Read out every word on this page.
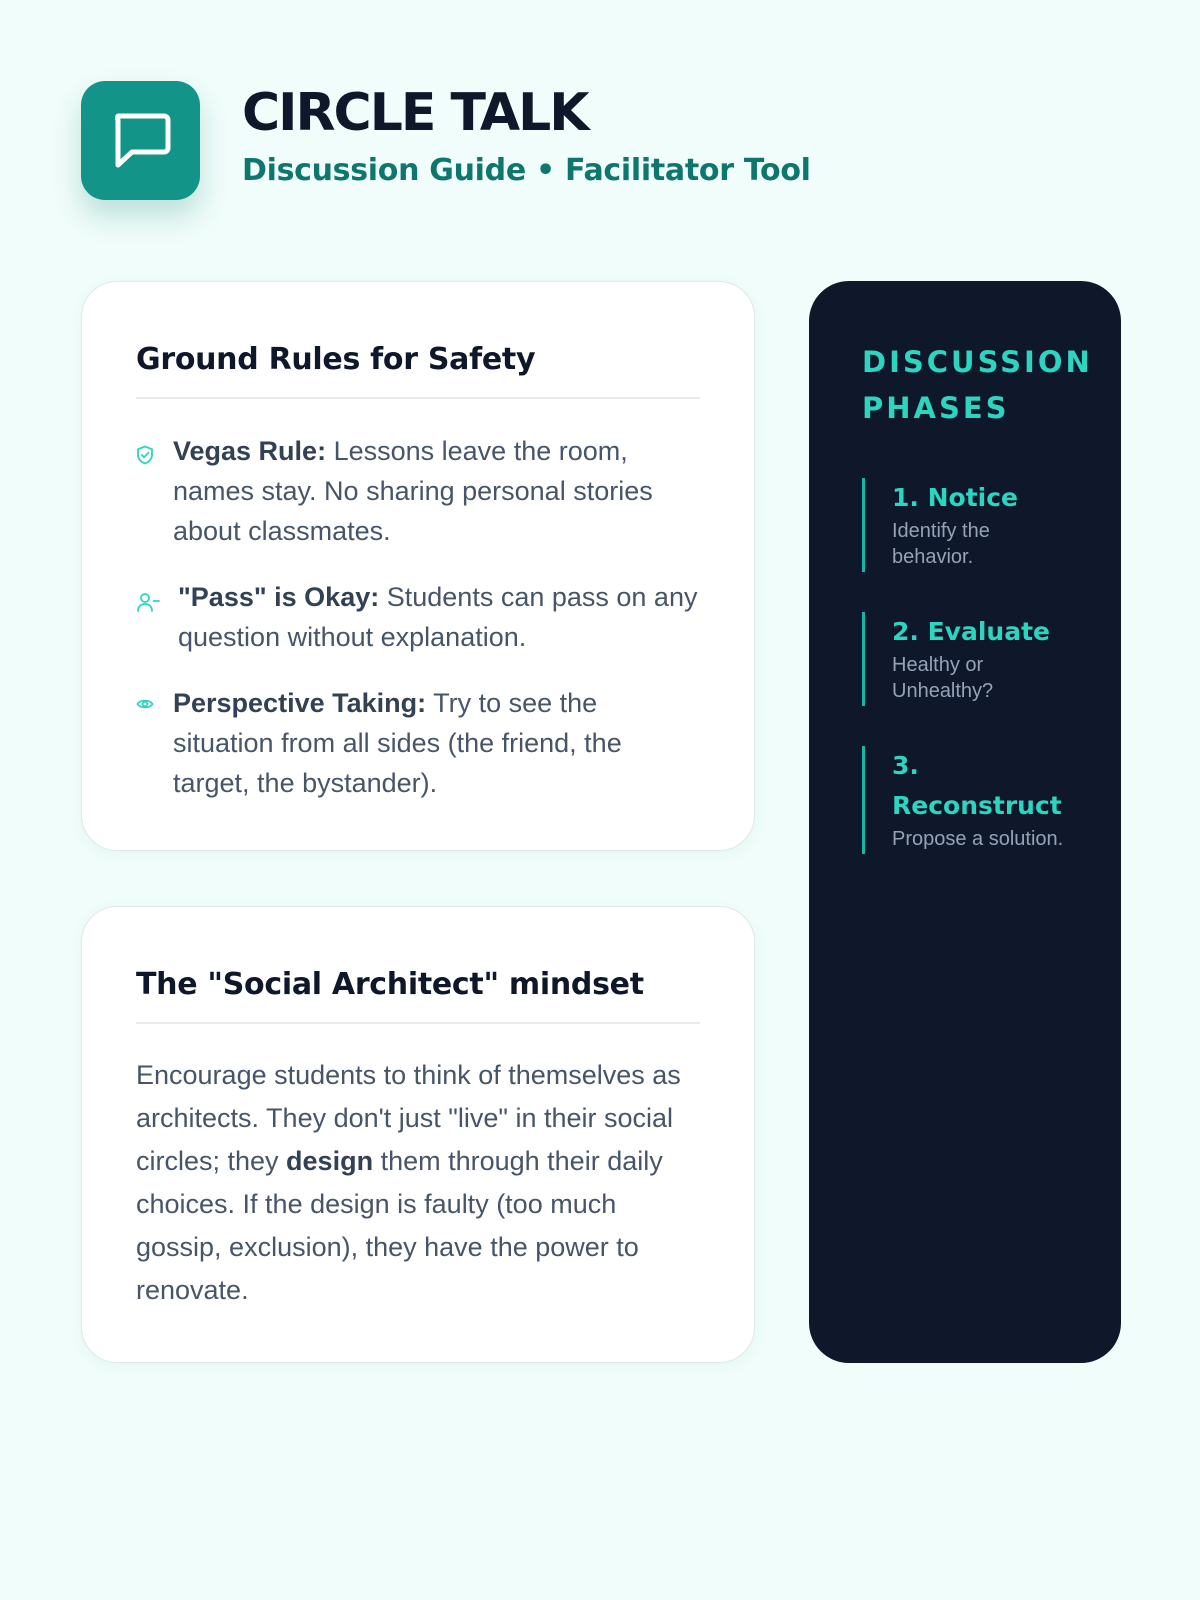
CIRCLE TALK
Discussion Guide • Facilitator Tool
Ground Rules for Safety

Vegas Rule: Lessons leave the room, names stay. No sharing personal stories about classmates.

"Pass" is Okay: Students can pass on any question without explanation.

Perspective Taking: Try to see the situation from all sides (the friend, the target, the bystander).

The "Social Architect" mindset

Encourage students to think of themselves as architects. They don't just "live" in their social circles; they design them through their daily choices. If the design is faulty (too much gossip, exclusion), they have the power to renovate.

DISCUSSION PHASES
1. Notice
Identify the behavior.
2. Evaluate
Healthy or Unhealthy?
3. Reconstruct
Propose a solution.
